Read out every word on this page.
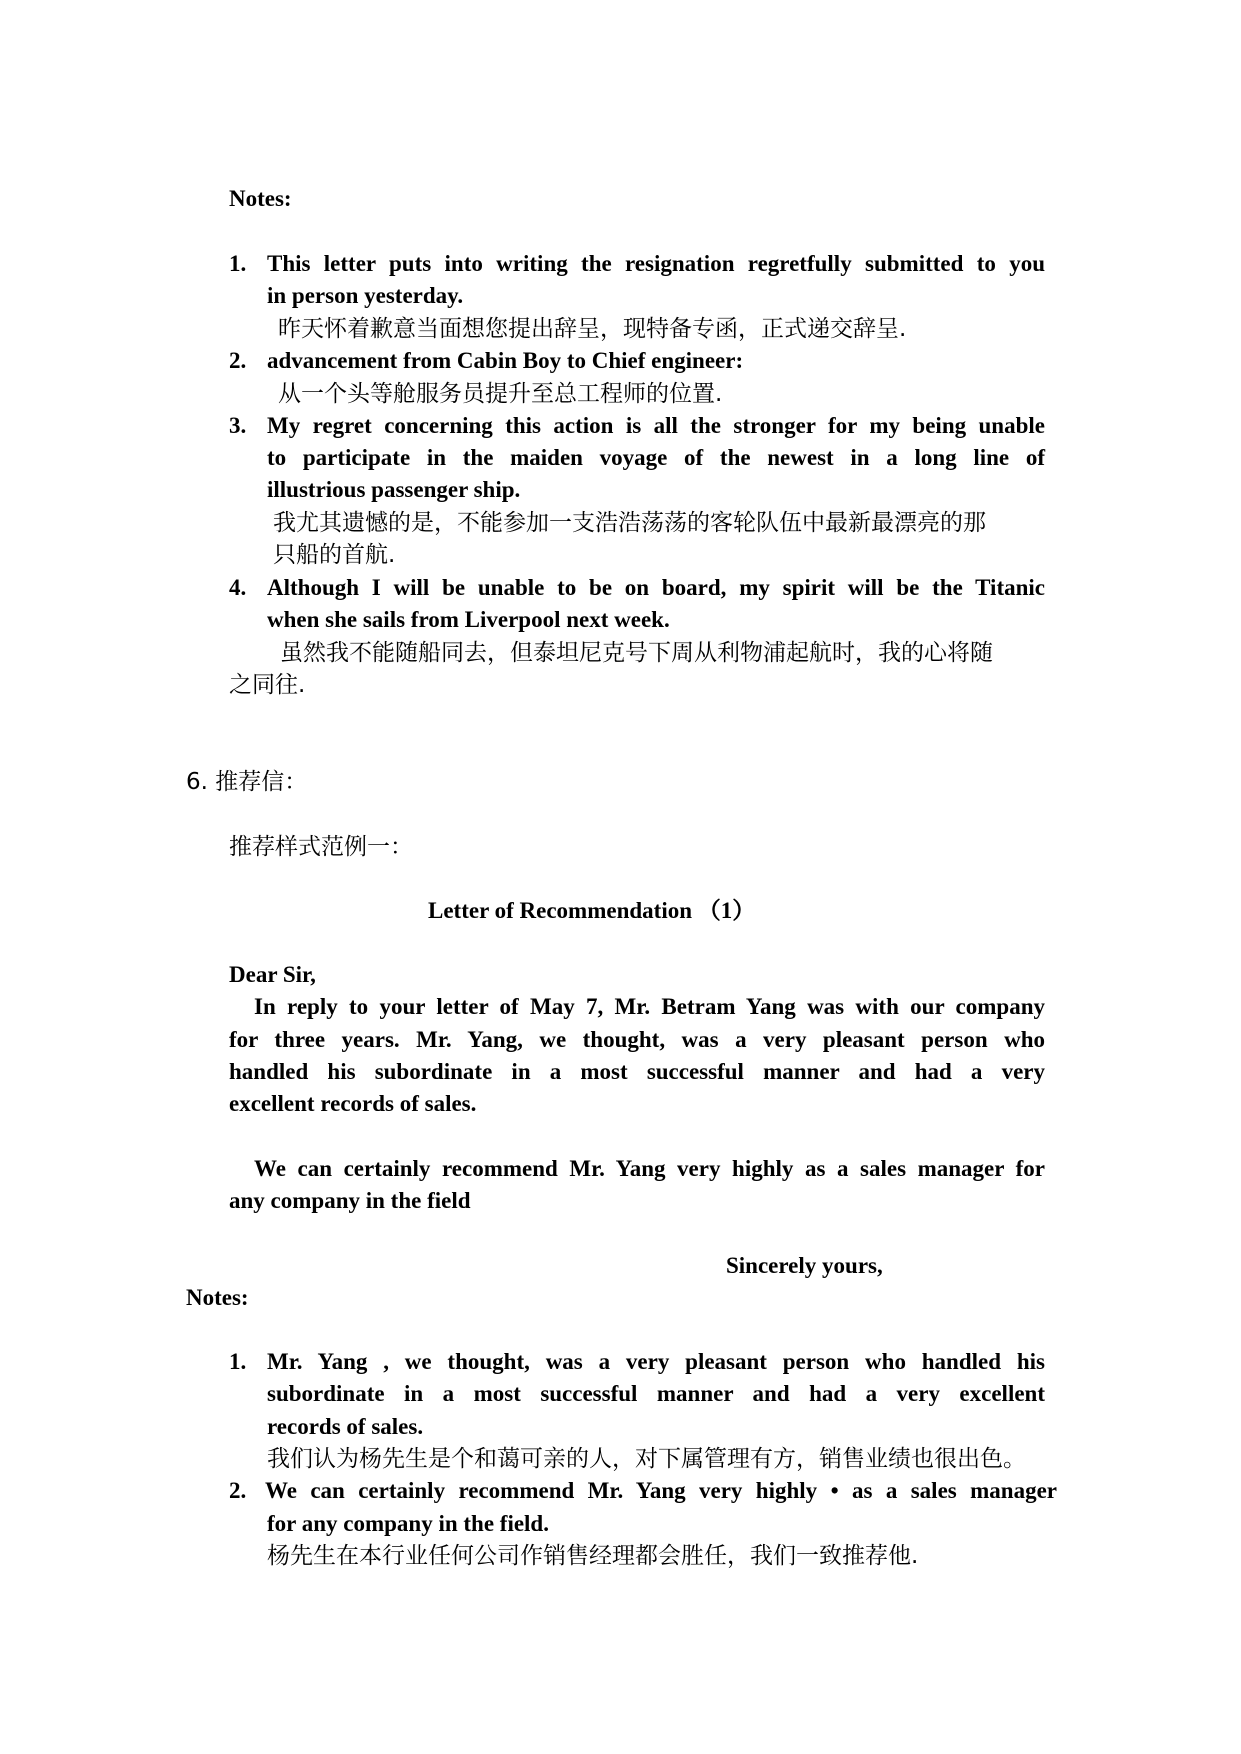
Notes:
1. This letter puts into writing the resignation regretfully submitted to you
in person yesterday.
昨天怀着歉意当面想您提出辞呈，现特备专函，正式递交辞呈.
2. advancement from Cabin Boy to Chief engineer:
从一个头等舱服务员提升至总工程师的位置.
3. My regret concerning this action is all the stronger for my being unable
to participate in the maiden voyage of the newest in a long line of
illustrious passenger ship.
我尤其遗憾的是，不能参加一支浩浩荡荡的客轮队伍中最新最漂亮的那
只船的首航.
4. Although I will be unable to be on board, my spirit will be the Titanic
when she sails from Liverpool next week.
虽然我不能随船同去，但泰坦尼克号下周从利物浦起航时，我的心将随
之同往.
6. 推荐信：
推荐样式范例一：
Letter of Recommendation （1）
Dear Sir,
In reply to your letter of May 7, Mr. Betram Yang was with our company
for three years. Mr. Yang, we thought, was a very pleasant person who
handled his subordinate in a most successful manner and had a very
excellent records of sales.
We can certainly recommend Mr. Yang very highly as a sales manager for
any company in the field
Sincerely yours,
Notes:
1. Mr. Yang , we thought, was a very pleasant person who handled his
subordinate in a most successful manner and had a very excellent
records of sales.
我们认为杨先生是个和蔼可亲的人，对下属管理有方，销售业绩也很出色。
2. We can certainly recommend Mr. Yang very highly • as a sales manager
for any company in the field.
杨先生在本行业任何公司作销售经理都会胜任，我们一致推荐他.
